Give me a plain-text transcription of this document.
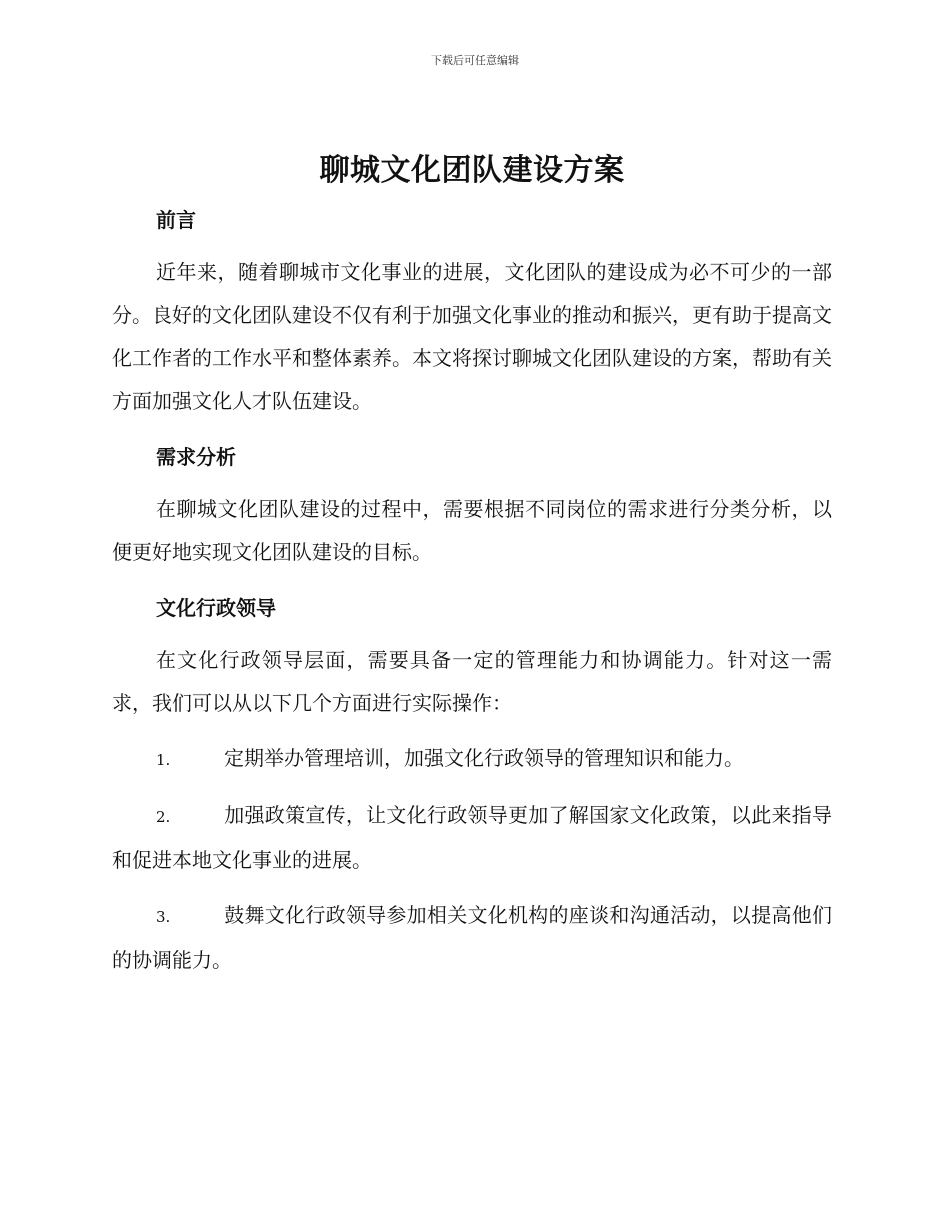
下载后可任意编辑
聊城文化团队建设方案
前言

近年来，随着聊城市文化事业的进展，文化团队的建设成为必不可少的一部分。良好的文化团队建设不仅有利于加强文化事业的推动和振兴，更有助于提高文化工作者的工作水平和整体素养。本文将探讨聊城文化团队建设的方案，帮助有关方面加强文化人才队伍建设。

需求分析

在聊城文化团队建设的过程中，需要根据不同岗位的需求进行分类分析，以便更好地实现文化团队建设的目标。

文化行政领导

在文化行政领导层面，需要具备一定的管理能力和协调能力。针对这一需求，我们可以从以下几个方面进行实际操作：

1.	定期举办管理培训，加强文化行政领导的管理知识和能力。

2.	加强政策宣传，让文化行政领导更加了解国家文化政策，以此来指导和促进本地文化事业的进展。

3.	鼓舞文化行政领导参加相关文化机构的座谈和沟通活动，以提高他们的协调能力。
